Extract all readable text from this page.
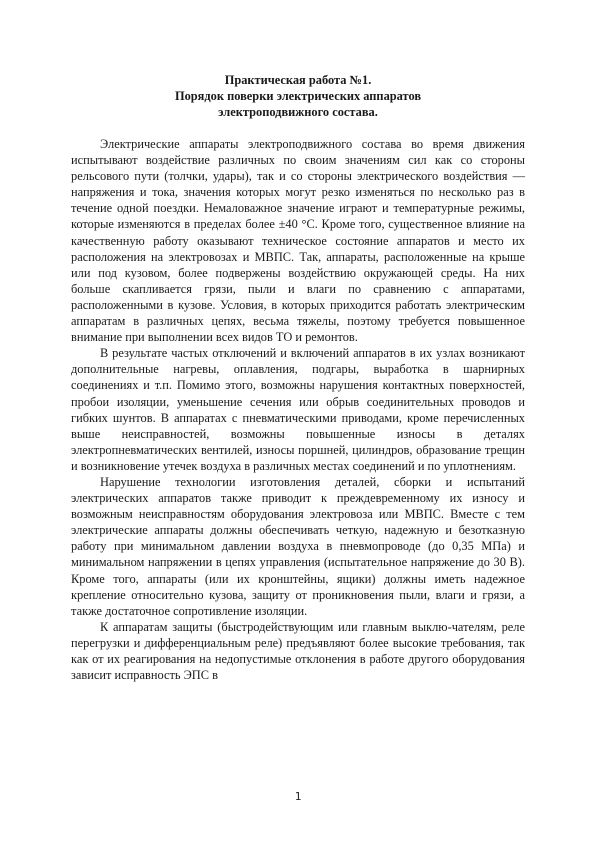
Практическая работа №1.
Порядок поверки электрических аппаратов
электроподвижного состава.

Электрические аппараты электроподвижного состава во время движения испытывают воздействие различных по своим значениям сил как со стороны рельсового пути (толчки, удары), так и со стороны электрического воздействия — напряжения и тока, значения которых могут резко изменяться по несколько раз в течение одной поездки. Немаловажное значение играют и температурные режимы, которые изменяются в пределах более ±40 °С. Кроме того, существенное влияние на качественную работу оказывают техническое состояние аппаратов и место их расположения на электровозах и МВПС. Так, аппараты, расположенные на крыше или под кузовом, более подвержены воздействию окружающей среды. На них больше скапливается грязи, пыли и влаги по сравнению с аппаратами, расположенными в кузове. Условия, в которых приходится работать электрическим аппаратам в различных цепях, весьма тяжелы, поэтому требуется повышенное внимание при выполнении всех видов ТО и ремонтов.

В результате частых отключений и включений аппаратов в их узлах возникают дополнительные нагревы, оплавления, подгары, выработка в шарнирных соединениях и т.п. Помимо этого, возможны нарушения контактных поверхностей, пробои изоляции, уменьшение сечения или обрыв соединительных проводов и гибких шунтов. В аппаратах с пневматическими приводами, кроме перечисленных выше неисправностей, возможны повышенные износы в деталях электропневматических вентилей, износы поршней, цилиндров, образование трещин и возникновение утечек воздуха в различных местах соединений и по уплотнениям.

Нарушение технологии изготовления деталей, сборки и испытаний электрических аппаратов также приводит к преждевременному их износу и возможным неисправностям оборудования электровоза или МВПС. Вместе с тем электрические аппараты должны обеспечивать четкую, надежную и безотказную работу при минимальном давлении воздуха в пневмопроводе (до 0,35 МПа) и минимальном напряжении в цепях управления (испытательное напряжение до 30 В). Кроме того, аппараты (или их кронштейны, ящики) должны иметь надежное крепление относительно кузова, защиту от проникновения пыли, влаги и грязи, а также достаточное сопротивление изоляции.

К аппаратам защиты (быстродействующим или главным выклю-чателям, реле перегрузки и дифференциальным реле) предъявляют более высокие требования, так как от их реагирования на недопустимые отклонения в работе другого оборудования зависит исправность ЭПС в

1
